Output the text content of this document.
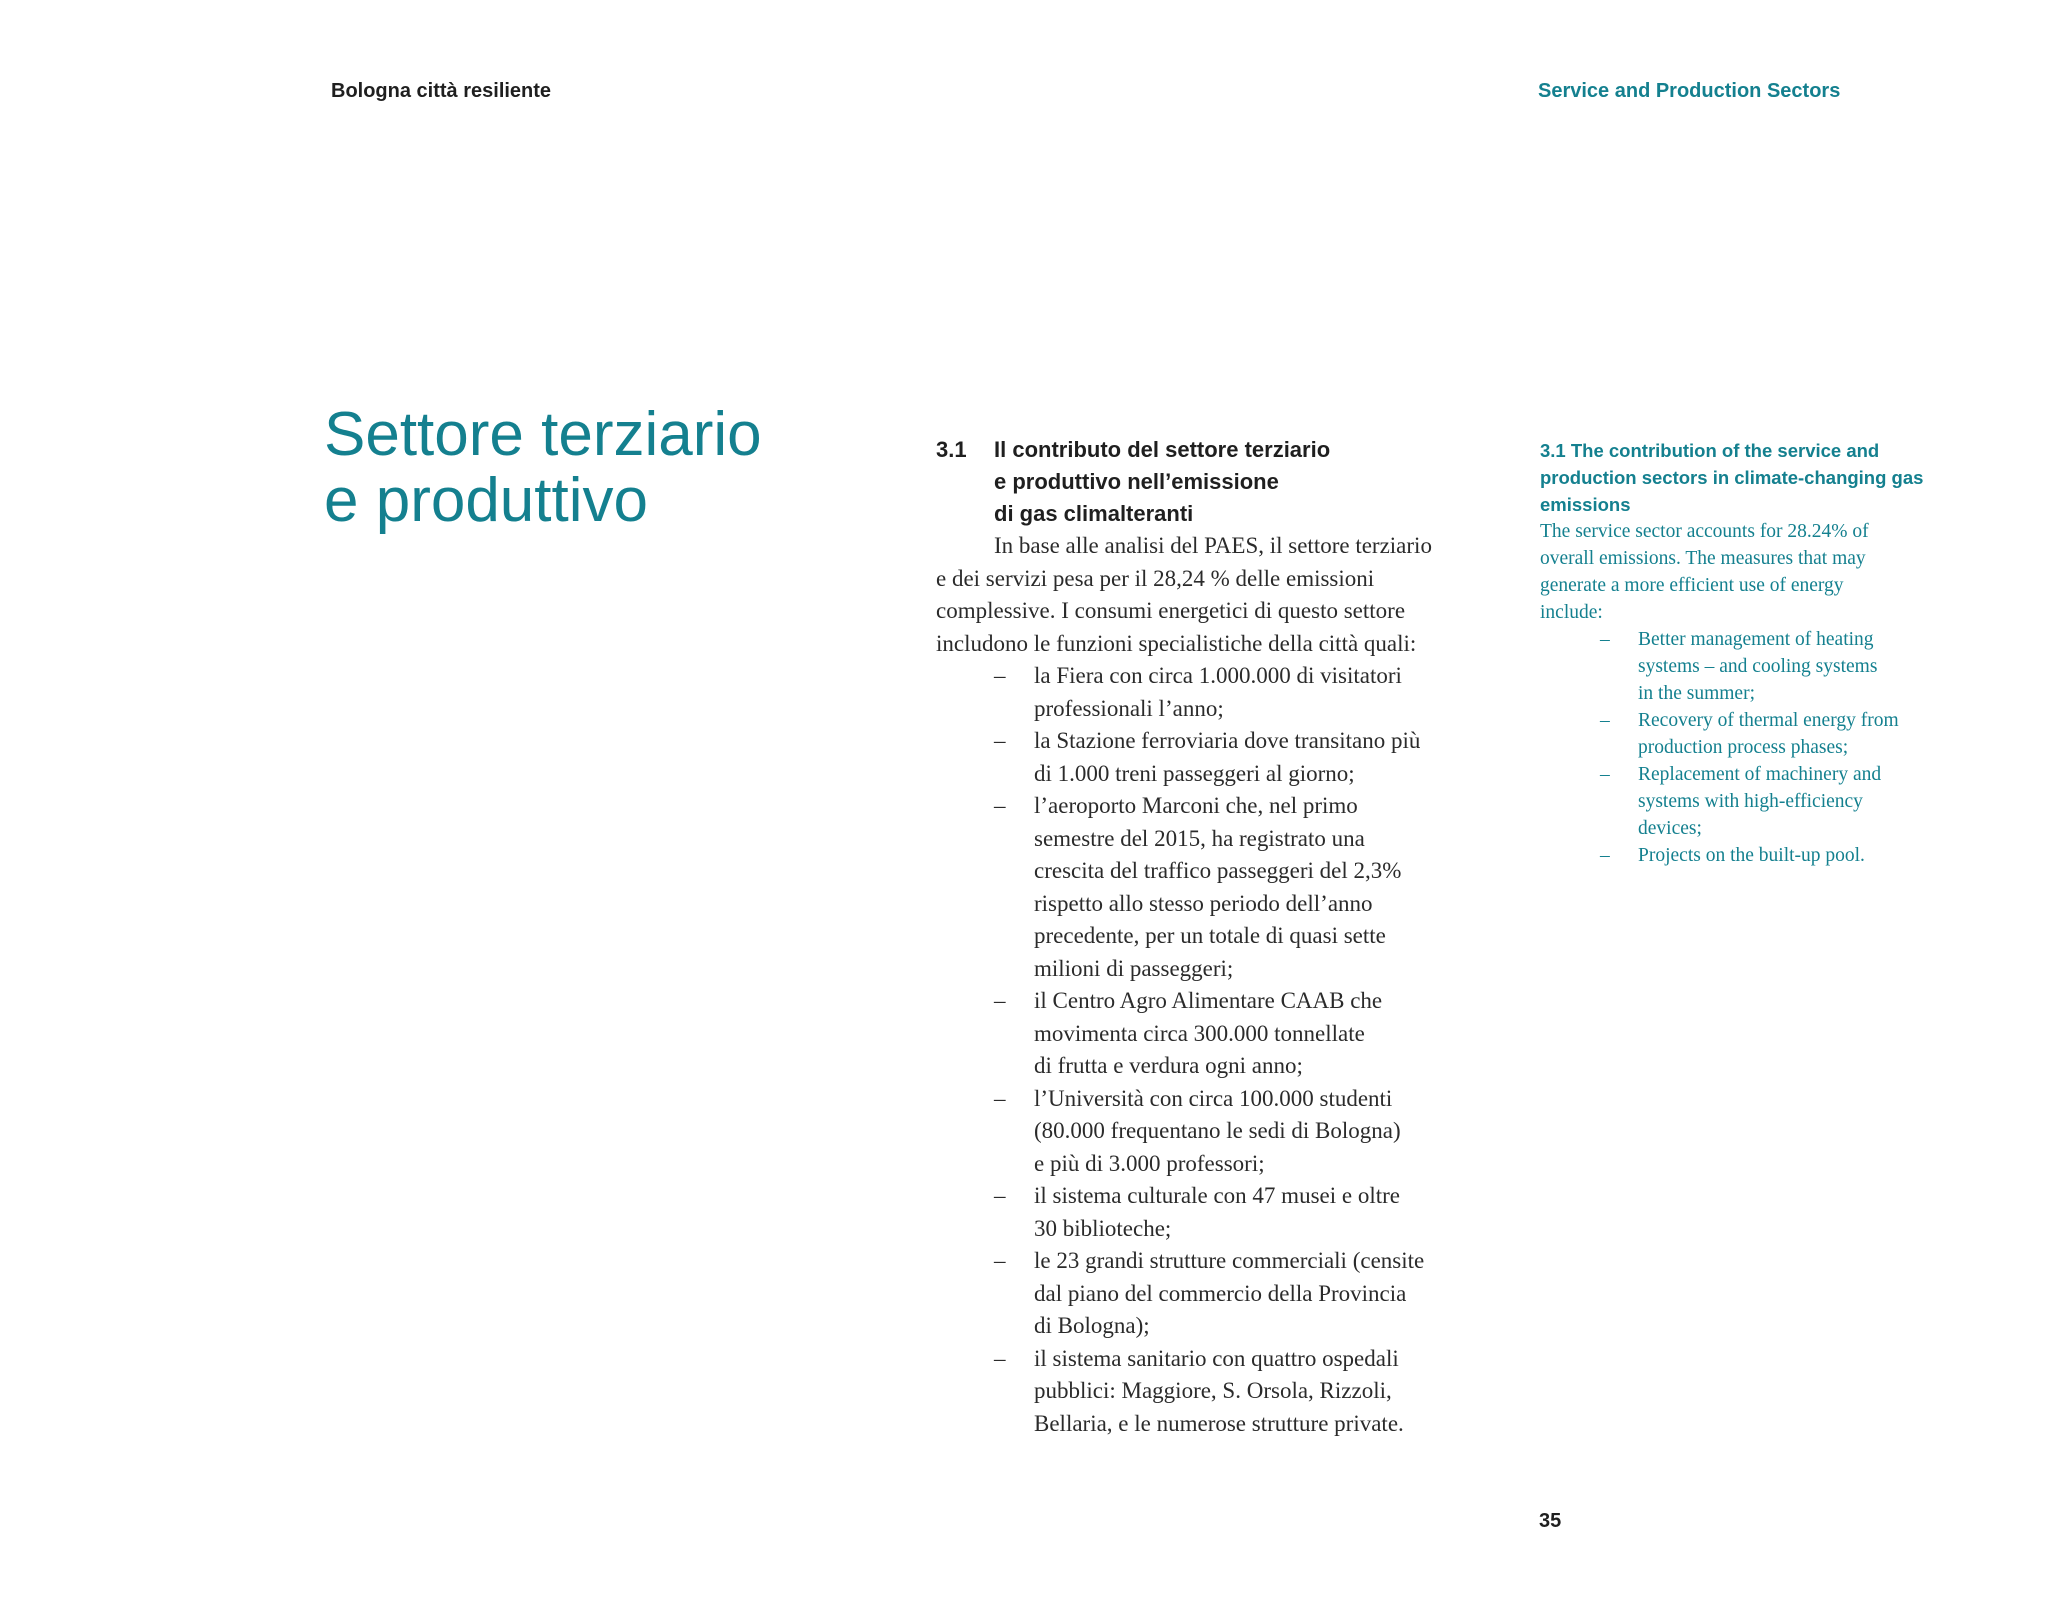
Bologna città resiliente	Service and Production Sectors
Settore terziario
e produttivo
3.1 Il contributo del settore terziario
e produttivo nell’emissione
di gas climalteranti

In base alle analisi del PAES, il settore terziario
e dei servizi pesa per il 28,24 % delle emissioni
complessive. I consumi energetici di questo settore
includono le funzioni specialistiche della città quali:

– la Fiera con circa 1.000.000 di visitatori
professionali l’anno;
– la Stazione ferroviaria dove transitano più
di 1.000 treni passeggeri al giorno;
– l’aeroporto Marconi che, nel primo
semestre del 2015, ha registrato una
crescita del traffico passeggeri del 2,3%
rispetto allo stesso periodo dell’anno
precedente, per un totale di quasi sette
milioni di passeggeri;
– il Centro Agro Alimentare CAAB che
movimenta circa 300.000 tonnellate
di frutta e verdura ogni anno;
– l’Università con circa 100.000 studenti
(80.000 frequentano le sedi di Bologna)
e più di 3.000 professori;
– il sistema culturale con 47 musei e oltre
30 biblioteche;
– le 23 grandi strutture commerciali (censite
dal piano del commercio della Provincia
di Bologna);
– il sistema sanitario con quattro ospedali
pubblici: Maggiore, S. Orsola, Rizzoli,
Bellaria, e le numerose strutture private.
3.1 The contribution of the service and
production sectors in climate-changing gas
emissions

The service sector accounts for 28.24% of
overall emissions. The measures that may
generate a more efficient use of energy
include:

– Better management of heating
systems – and cooling systems
in the summer;
– Recovery of thermal energy from
production process phases;
– Replacement of machinery and
systems with high-efficiency
devices;
– Projects on the built-up pool.
35
